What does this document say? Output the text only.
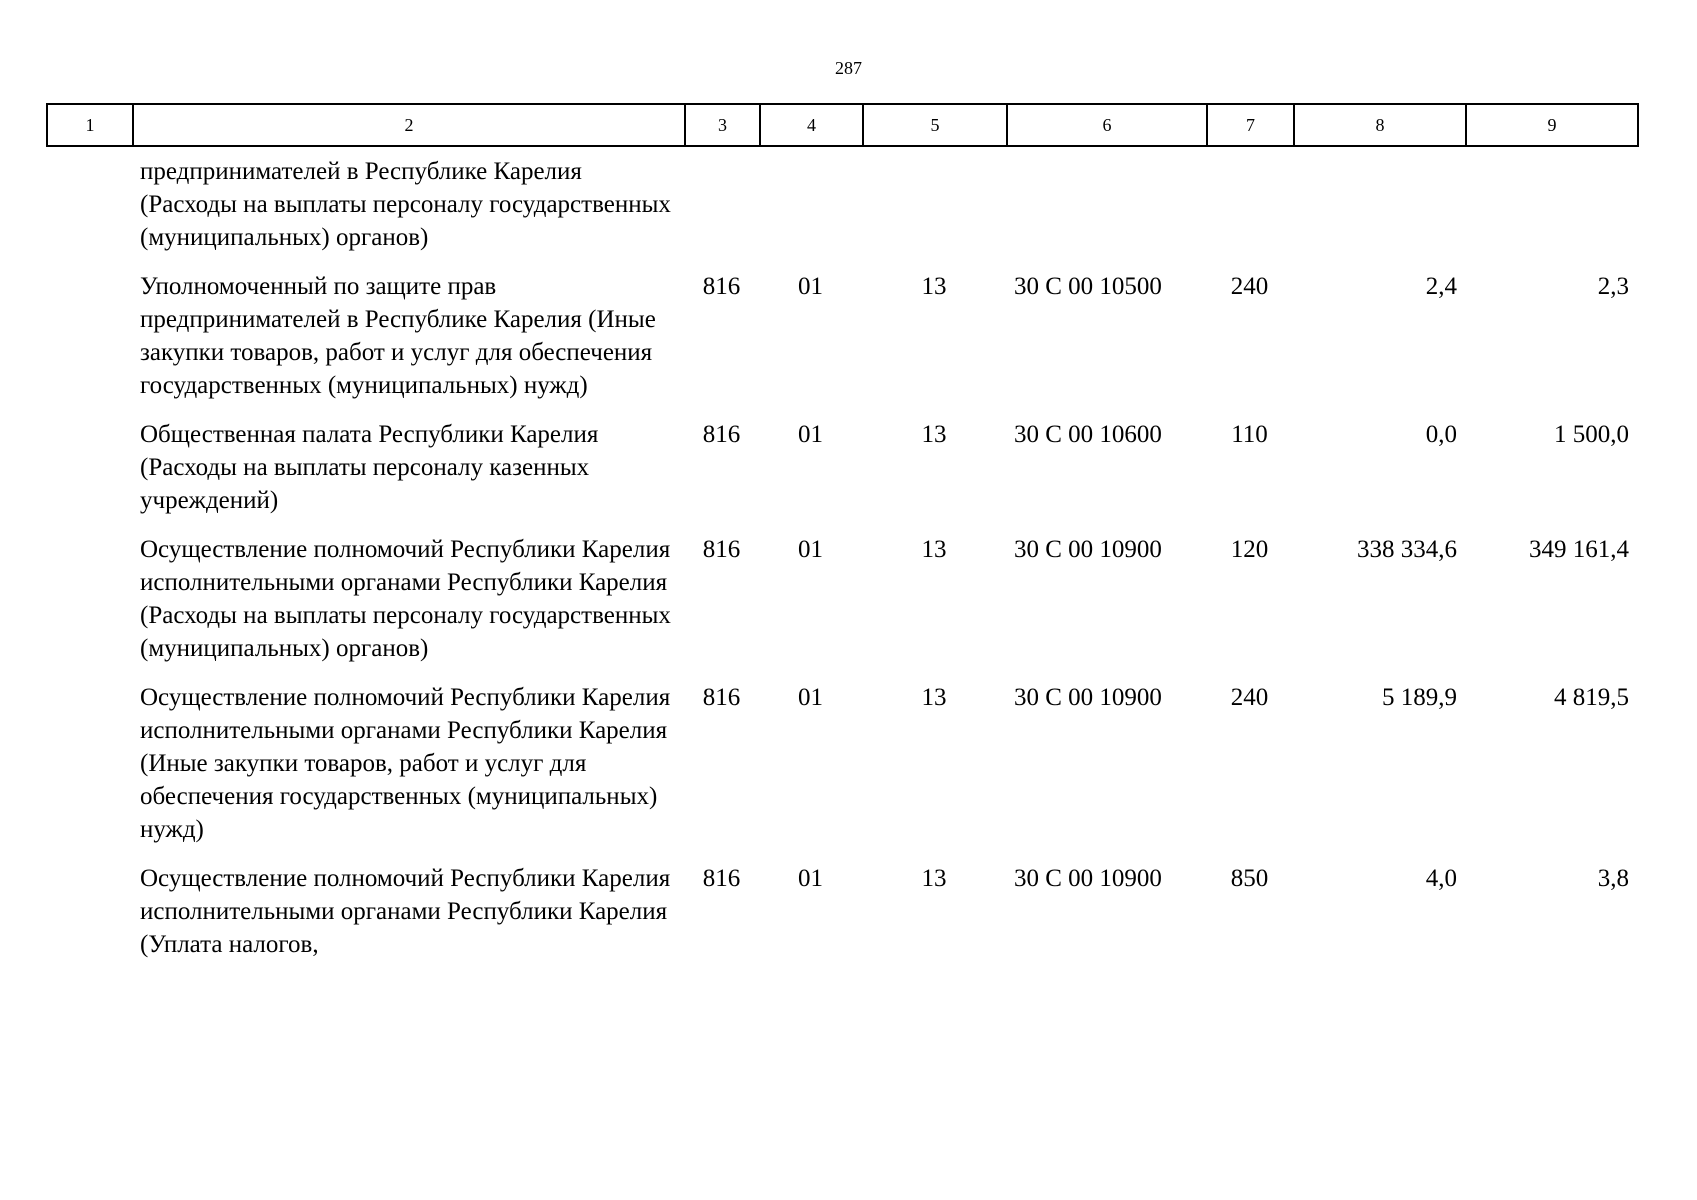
287
1	2	3	4	5	6	7	8	9
	предпринимателей в Республике Карелия (Расходы на выплаты персоналу государственных (муниципальных) органов)							
	Уполномоченный по защите прав предпринимателей в Республике Карелия (Иные закупки товаров, работ и услуг для обеспечения государственных (муниципальных) нужд)	816	01	13	30 С 00 10500	240	2,4	2,3
	Общественная палата Республики Карелия (Расходы на выплаты персоналу казенных учреждений)	816	01	13	30 С 00 10600	110	0,0	1 500,0
	Осуществление полномочий Республики Карелия исполнительными органами Республики Карелия (Расходы на выплаты персоналу государственных (муниципальных) органов)	816	01	13	30 С 00 10900	120	338 334,6	349 161,4
	Осуществление полномочий Республики Карелия исполнительными органами Республики Карелия (Иные закупки товаров, работ и услуг для обеспечения государственных (муниципальных) нужд)	816	01	13	30 С 00 10900	240	5 189,9	4 819,5
	Осуществление полномочий Республики Карелия исполнительными органами Республики Карелия (Уплата налогов,	816	01	13	30 С 00 10900	850	4,0	3,8
